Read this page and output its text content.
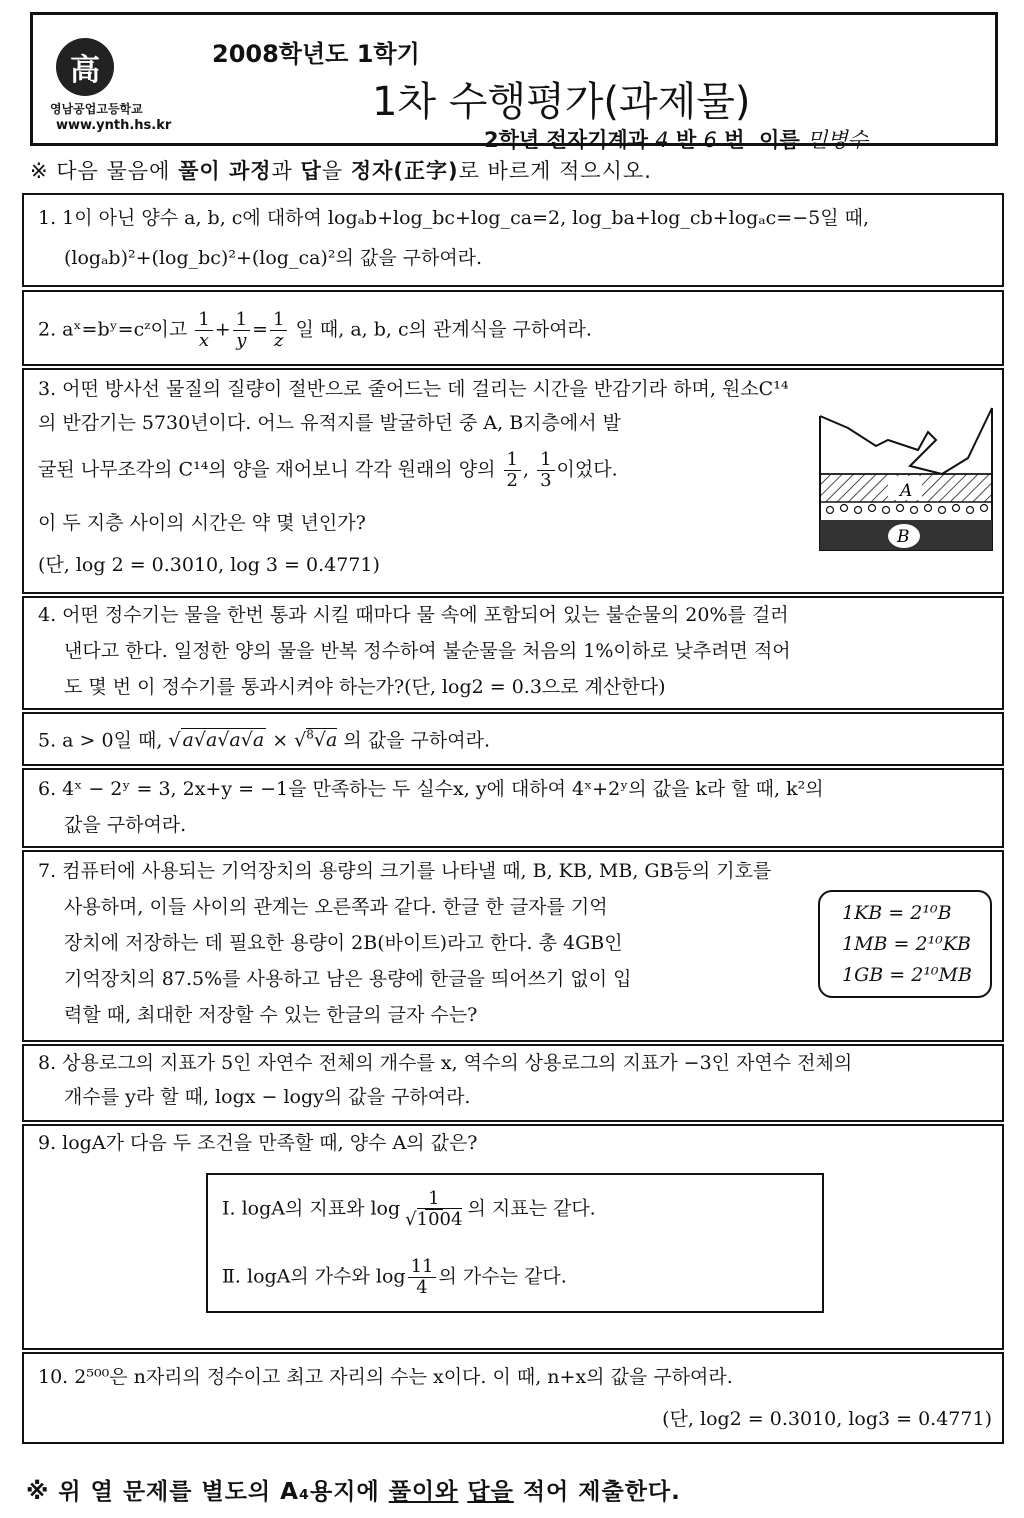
高
영남공업고등학교
www.ynth.hs.kr
2008학년도 1학기
1차 수행평가(과제물)
2학년 전자기계과 4 반 6 번 이름 민병수
※ 다음 물음에 풀이 과정과 답을 정자(正字)로 바르게 적으시오.
1. 1이 아닌 양수 a, b, c에 대하여 logₐb+log_bc+log_ca=2, log_ba+log_cb+logₐc=−5일 때,
(logₐb)²+(log_bc)²+(log_ca)²의 값을 구하여라.
2. aˣ=bʸ=cᶻ이고 $\frac{1}{x} + \frac{1}{y} = \frac{1}{z}$ 일 때, a, b, c의 관계식을 구하여라.
3. 어떤 방사선 물질의 질량이 절반으로 줄어드는 데 걸리는 시간을 반감기라 하며, 원소C¹⁴
의 반감기는 5730년이다. 어느 유적지를 발굴하던 중 A, B지층에서 발
굴된 나무조각의 C¹⁴의 양을 재어보니 각각 원래의 양의 $\frac{1}{2}$ , $\frac{1}{3}$ 이었다.
이 두 지층 사이의 시간은 약 몇 년인가?
(단, log 2 = 0.3010, log 3 = 0.4771)
A
B
4. 어떤 정수기는 물을 한번 통과 시킬 때마다 물 속에 포함되어 있는 불순물의 20%를 걸러
낸다고 한다. 일정한 양의 물을 반복 정수하여 불순물을 처음의 1%이하로 낮추려면 적어
도 몇 번 이 정수기를 통과시켜야 하는가?(단, log2 = 0.3으로 계산한다)
5. a > 0일 때, √ a√a√a√a × √$^8$√a 의 값을 구하여라.
6. 4ˣ − 2ʸ = 3, 2x+y = −1을 만족하는 두 실수x, y에 대하여 4ˣ+2ʸ의 값을 k라 할 때, k²의
값을 구하여라.
7. 컴퓨터에 사용되는 기억장치의 용량의 크기를 나타낼 때, B, KB, MB, GB등의 기호를
사용하며, 이들 사이의 관계는 오른쪽과 같다. 한글 한 글자를 기억
장치에 저장하는 데 필요한 용량이 2B(바이트)라고 한다. 총 4GB인
기억장치의 87.5%를 사용하고 남은 용량에 한글을 띄어쓰기 없이 입
력할 때, 최대한 저장할 수 있는 한글의 글자 수는?
1KB = 2¹⁰B
1MB = 2¹⁰KB
1GB = 2¹⁰MB
8. 상용로그의 지표가 5인 자연수 전체의 개수를 x, 역수의 상용로그의 지표가 −3인 자연수 전체의
개수를 y라 할 때, logx − logy의 값을 구하여라.
9. logA가 다음 두 조건을 만족할 때, 양수 A의 값은?
Ⅰ. logA의 지표와 $\log \frac{1}{√1004}$ 의 지표는 같다.
Ⅱ. logA의 가수와 $\log \frac{11}{4}$ 의 가수는 같다.
10. 2⁵⁰⁰은 n자리의 정수이고 최고 자리의 수는 x이다. 이 때, n+x의 값을 구하여라.
(단, log2 = 0.3010, log3 = 0.4771)
※ 위 열 문제를 별도의 A₄용지에 풀이와 답을 적어 제출한다.
